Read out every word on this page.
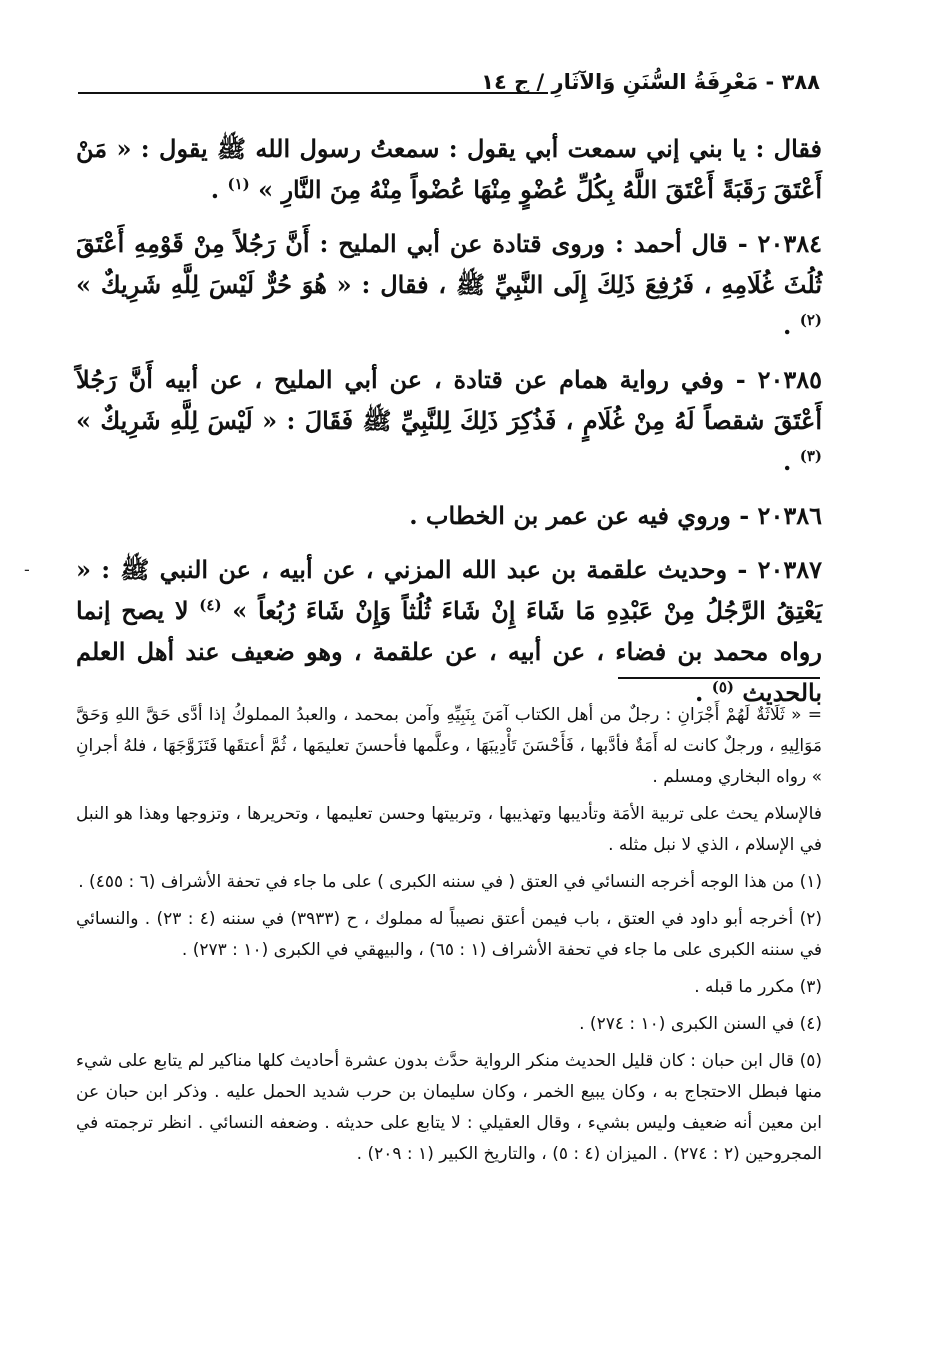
٣٨٨ - مَعْرِفَةُ السُّنَنِ وَالآثَارِ / ج ١٤

فقال : يا بني إني سمعت أبي يقول : سمعتُ رسول الله ﷺ يقول : « مَنْ أَعْتَقَ رَقَبَةً أَعْتَقَ اللَّهُ بِكُلِّ عُضْوٍ مِنْهَا عُضْواً مِنْهُ مِنَ النَّارِ » $^{(١)}$ .

٢٠٣٨٤ - قال أحمد : وروى قتادة عن أبي المليح : أَنَّ رَجُلاً مِنْ قَوْمِهِ أَعْتَقَ ثُلُثَ غُلَامِهِ ، فَرُفِعَ ذَلِكَ إِلَى النَّبِيِّ ﷺ ، فقال : « هُوَ حُرٌّ لَيْسَ لِلَّهِ شَرِيكٌ » $^{(٢)}$ .

٢٠٣٨٥ - وفي رواية همام عن قتادة ، عن أبي المليح ، عن أبيه أَنَّ رَجُلاً أَعْتَقَ شقصاً لَهُ مِنْ غُلَامٍ ، فَذُكِرَ ذَلِكَ لِلنَّبِيِّ ﷺ فَقَالَ : « لَيْسَ لِلَّهِ شَرِيكٌ » $^{(٣)}$ .

٢٠٣٨٦ - وروي فيه عن عمر بن الخطاب .

٢٠٣٨٧ - وحديث علقمة بن عبد الله المزني ، عن أبيه ، عن النبي ﷺ : « يَعْتِقُ الرَّجُلُ مِنْ عَبْدِهِ مَا شَاءَ إِنْ شَاءَ ثُلُثاً وَإِنْ شَاءَ رُبُعاً » $^{(٤)}$ لا يصح إنما رواه محمد بن فضاء ، عن أبيه ، عن علقمة ، وهو ضعيف عند أهل العلم بالحديث $^{(٥)}$ .

= « ثَلَاثَةٌ لَهُمْ أَجْرَانِ : رجلٌ من أهل الكتاب آمَنَ بِنَبِيِّهِ وآمن بمحمد ، والعبدُ المملوكُ إذا أدَّى حَقَّ اللهِ وَحَقَّ مَوَالِيهِ ، ورجلٌ كانت له أَمَةٌ فأدَّبها ، فَأَحْسَنَ تَأْدِيبَهَا ، وعلَّمها فأحسنَ تعليمَها ، ثُمَّ أعتقَها فَتَزَوَّجَهَا ، فلهُ أجرانِ » رواه البخاري ومسلم .

فالإسلام يحث على تربية الأمَة وتأديبها وتهذيبها ، وتربيتها وحسن تعليمها ، وتحريرها ، وتزوجها وهذا هو النبل في الإسلام ، الذي لا نبل مثله .

(١) من هذا الوجه أخرجه النسائي في العتق ( في سننه الكبرى ) على ما جاء في تحفة الأشراف (٦ : ٤٥٥) .

(٢) أخرجه أبو داود في العتق ، باب فيمن أعتق نصيباً له مملوك ، ح (٣٩٣٣) في سننه (٤ : ٢٣) . والنسائي في سننه الكبرى على ما جاء في تحفة الأشراف (١ : ٦٥) ، والبيهقي في الكبرى (١٠ : ٢٧٣) .

(٣) مكرر ما قبله .

(٤) في السنن الكبرى (١٠ : ٢٧٤) .

(٥) قال ابن حبان : كان قليل الحديث منكر الرواية حدَّث بدون عشرة أحاديث كلها مناكير لم يتابع على شيء منها فبطل الاحتجاج به ، وكان يبيع الخمر ، وكان سليمان بن حرب شديد الحمل عليه . وذكر ابن حبان عن ابن معين أنه ضعيف وليس بشيء ، وقال العقيلي : لا يتابع على حديثه . وضعفه النسائي . انظر ترجمته في المجروحين (٢ : ٢٧٤) . الميزان (٤ : ٥) ، والتاريخ الكبير (١ : ٢٠٩) .

-
